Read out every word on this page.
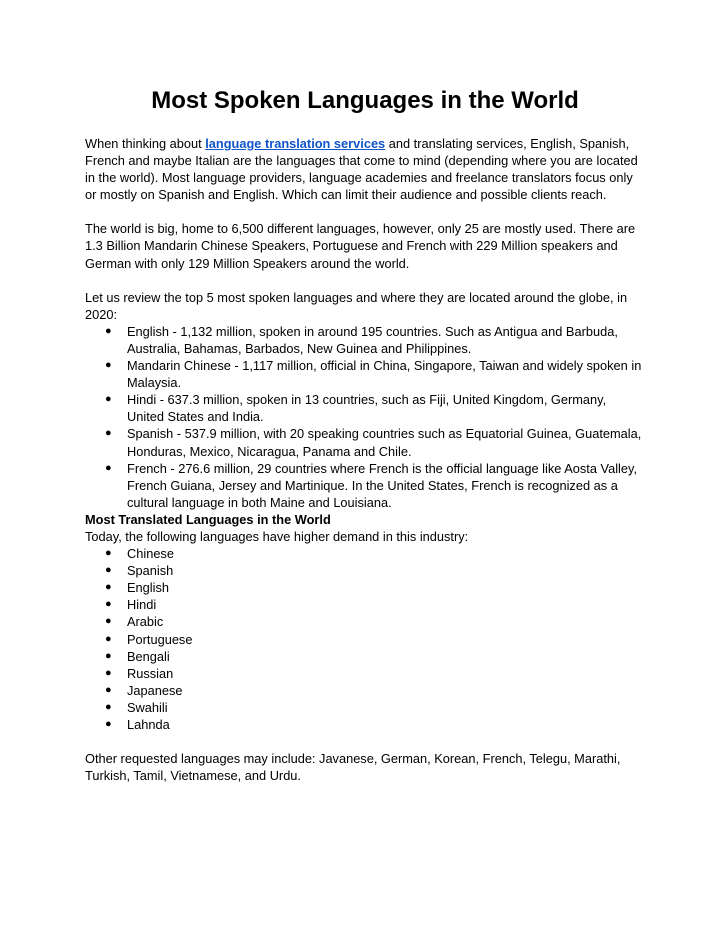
Most Spoken Languages in the World

When thinking about language translation services and translating services, English, Spanish, French and maybe Italian are the languages that come to mind (depending where you are located in the world). Most language providers, language academies and freelance translators focus only or mostly on Spanish and English. Which can limit their audience and possible clients reach.

The world is big, home to 6,500 different languages, however, only 25 are mostly used. There are 1.3 Billion Mandarin Chinese Speakers, Portuguese and French with 229 Million speakers and German with only 129 Million Speakers around the world.

Let us review the top 5 most spoken languages and where they are located around the globe, in 2020:

● English - 1,132 million, spoken in around 195 countries. Such as Antigua and Barbuda, Australia, Bahamas, Barbados, New Guinea and Philippines.
● Mandarin Chinese - 1,117 million, official in China, Singapore, Taiwan and widely spoken in Malaysia.
● Hindi - 637.3 million, spoken in 13 countries, such as Fiji, United Kingdom, Germany, United States and India.
● Spanish - 537.9 million, with 20 speaking countries such as Equatorial Guinea, Guatemala, Honduras, Mexico, Nicaragua, Panama and Chile.
● French - 276.6 million, 29 countries where French is the official language like Aosta Valley, French Guiana, Jersey and Martinique. In the United States, French is recognized as a cultural language in both Maine and Louisiana.

Most Translated Languages in the World

Today, the following languages have higher demand in this industry:

● Chinese
● Spanish
● English
● Hindi
● Arabic
● Portuguese
● Bengali
● Russian
● Japanese
● Swahili
● Lahnda

Other requested languages may include: Javanese, German, Korean, French, Telegu, Marathi, Turkish, Tamil, Vietnamese, and Urdu.
